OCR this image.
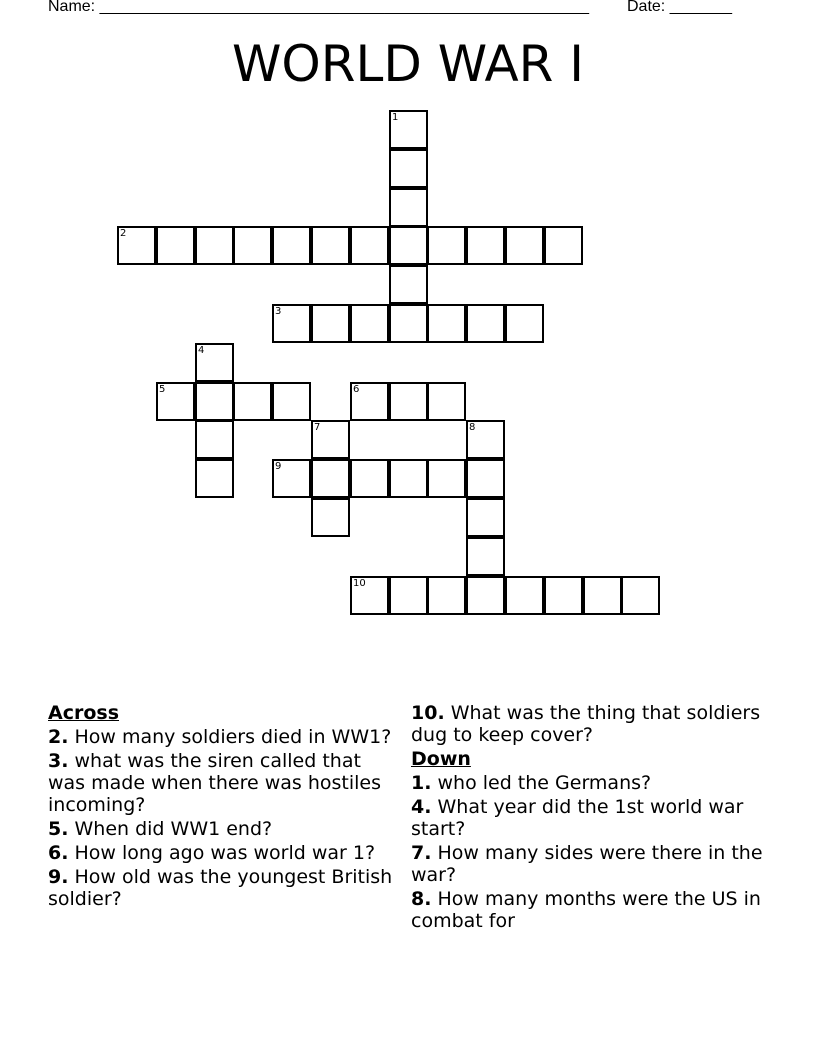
Name: _______________________________________________________ Date: _______
WORLD WAR I
1
2
3
4
5	6
7	8
9
10
Across
2. How many soldiers died in WW1?
3. what was the siren called that was made when there was hostiles incoming?
5. When did WW1 end?
6. How long ago was world war 1?
9. How old was the youngest British soldier?
10. What was the thing that soldiers dug to keep cover?
Down
1. who led the Germans?
4. What year did the 1st world war start?
7. How many sides were there in the war?
8. How many months were the US in combat for
